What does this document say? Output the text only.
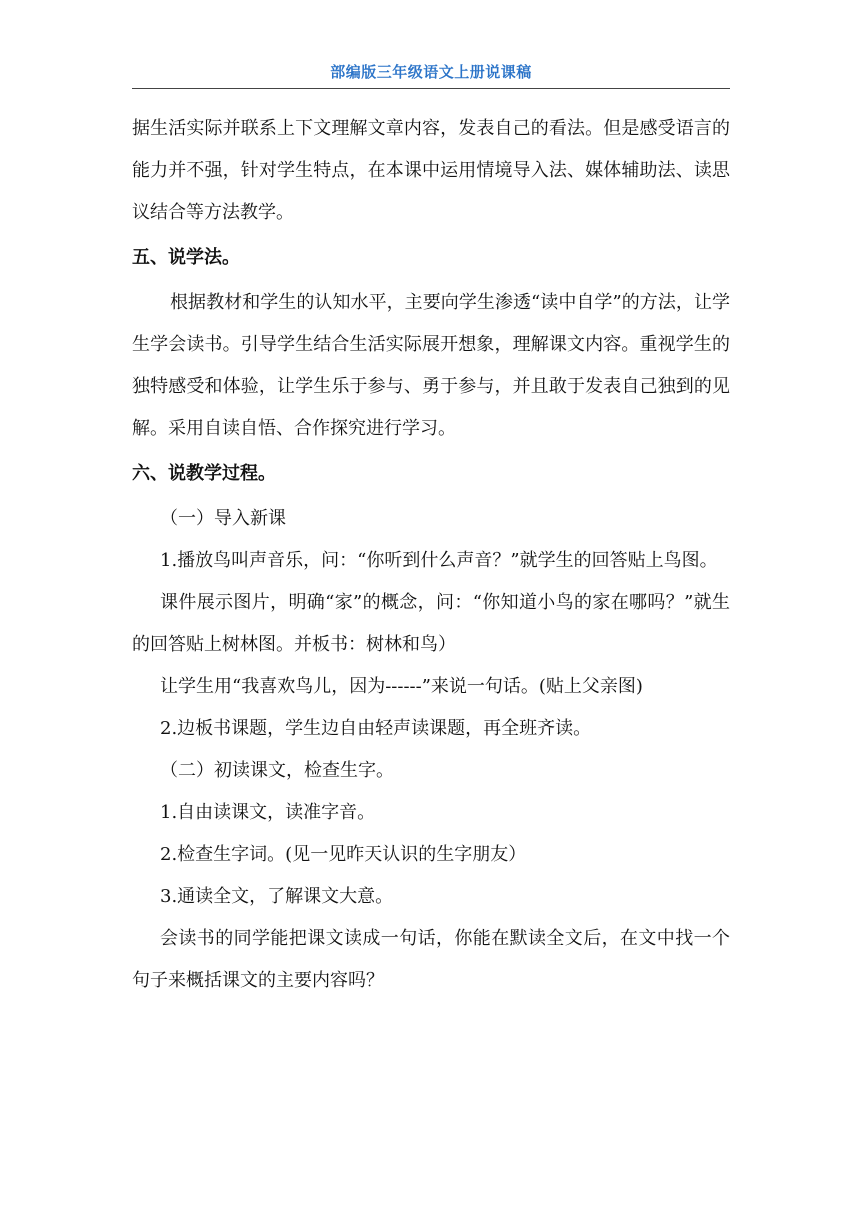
部编版三年级语文上册说课稿

据生活实际并联系上下文理解文章内容，发表自己的看法。但是感受语言的能力并不强，针对学生特点，在本课中运用情境导入法、媒体辅助法、读思议结合等方法教学。

五、说学法。

根据教材和学生的认知水平，主要向学生渗透“读中自学”的方法，让学生学会读书。引导学生结合生活实际展开想象，理解课文内容。重视学生的独特感受和体验，让学生乐于参与、勇于参与，并且敢于发表自己独到的见解。采用自读自悟、合作探究进行学习。

六、说教学过程。

（一）导入新课

1.播放鸟叫声音乐，问：“你听到什么声音？”就学生的回答贴上鸟图。

课件展示图片，明确“家”的概念，问：“你知道小鸟的家在哪吗？”就生的回答贴上树林图。并板书：树林和鸟）

让学生用“我喜欢鸟儿，因为------”来说一句话。(贴上父亲图)

2.边板书课题，学生边自由轻声读课题，再全班齐读。

（二）初读课文，检查生字。

1.自由读课文，读准字音。

2.检查生字词。(见一见昨天认识的生字朋友）

3.通读全文，了解课文大意。

会读书的同学能把课文读成一句话，你能在默读全文后，在文中找一个句子来概括课文的主要内容吗？
